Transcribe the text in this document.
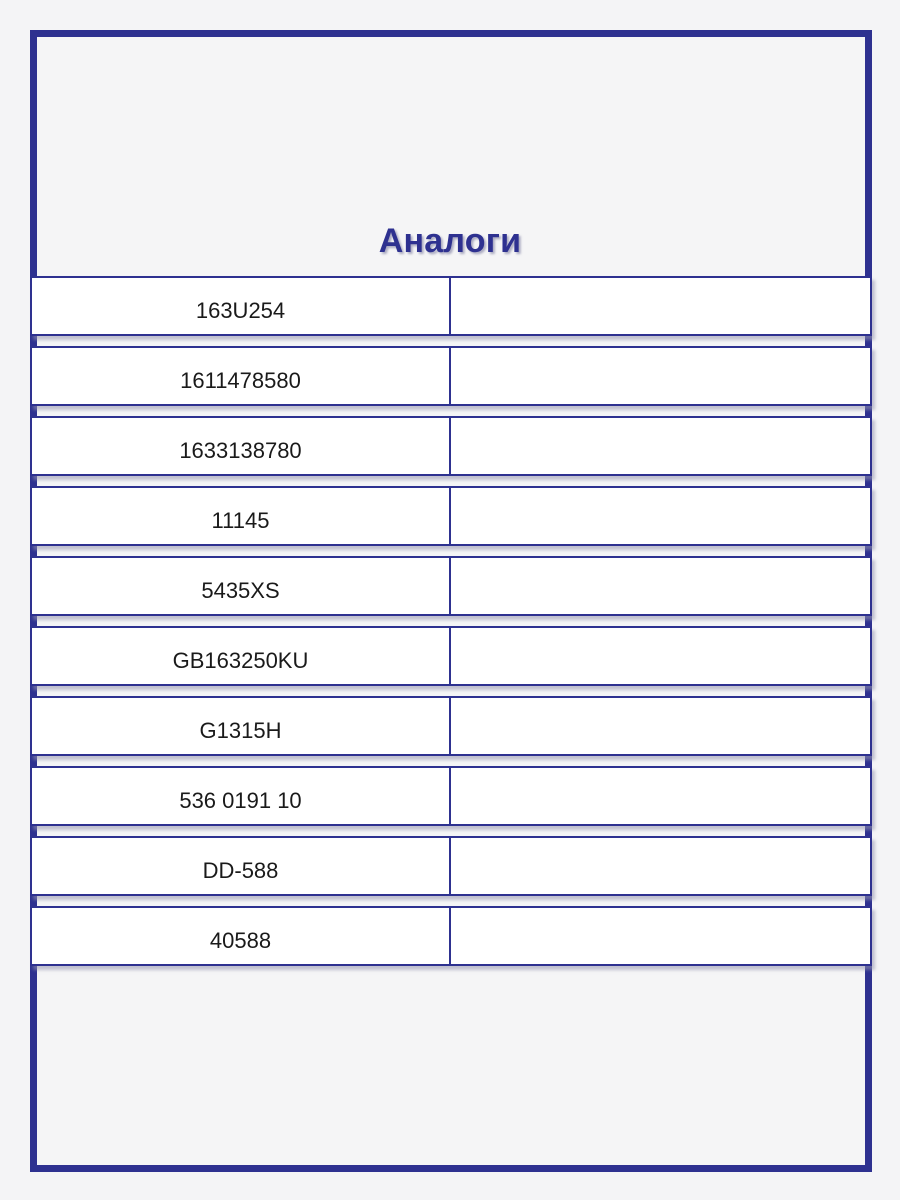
Аналоги
163U254
1611478580
1633138780
11145
5435XS
GB163250KU
G1315H
536 0191 10
DD-588
40588
